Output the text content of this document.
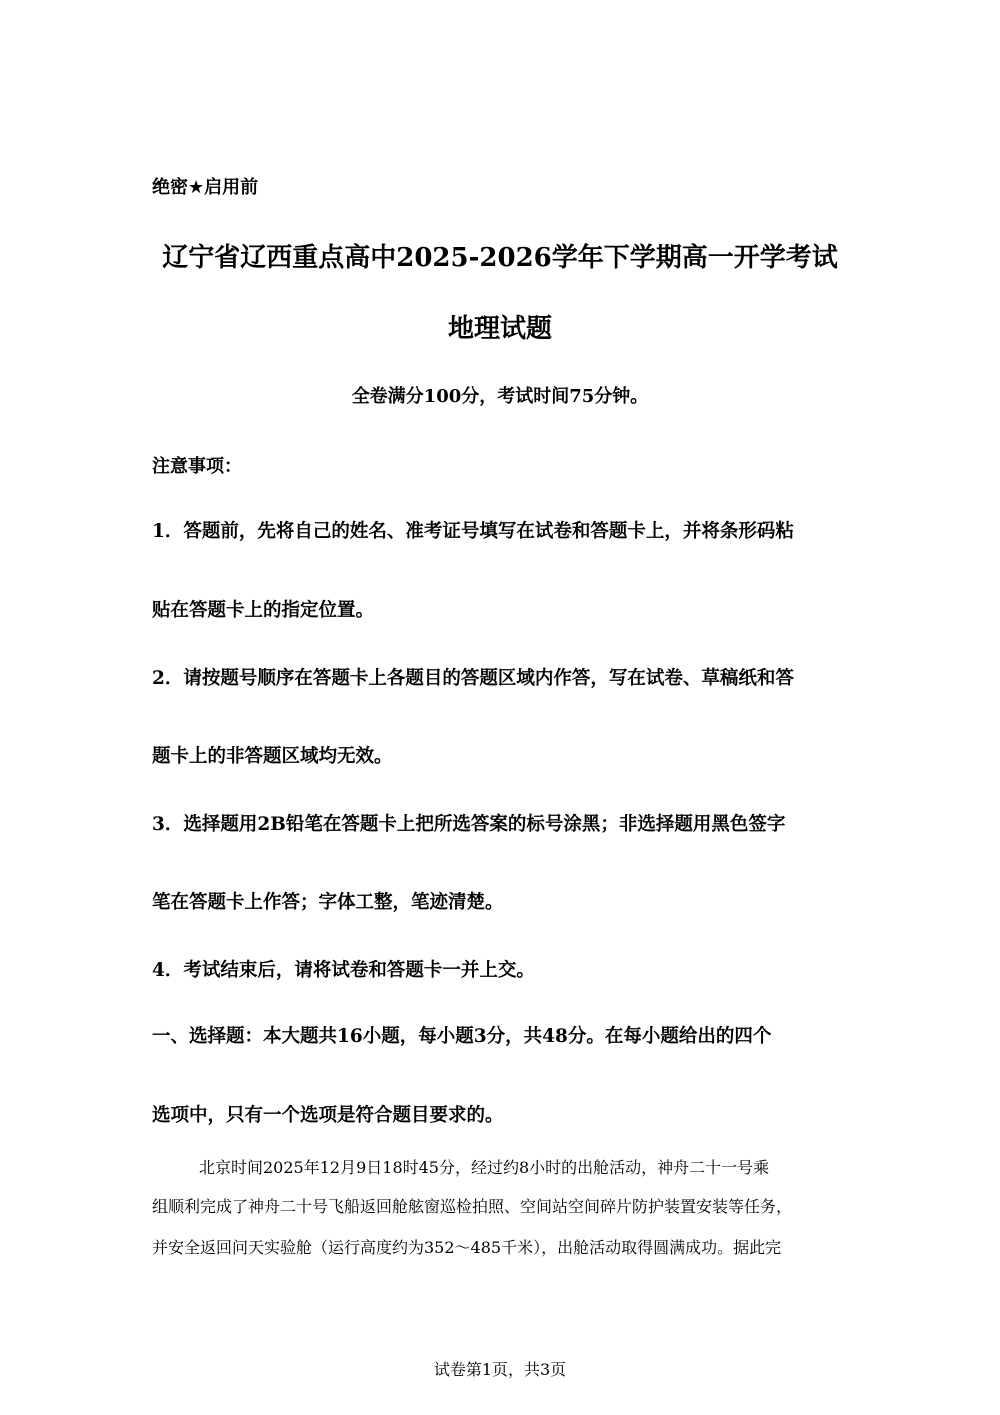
绝密★启用前
辽宁省辽西重点高中2025-2026学年下学期高一开学考试
地理试题
全卷满分100分，考试时间75分钟。
注意事项：
1．答题前，先将自己的姓名、准考证号填写在试卷和答题卡上，并将条形码粘
贴在答题卡上的指定位置。
2．请按题号顺序在答题卡上各题目的答题区域内作答，写在试卷、草稿纸和答
题卡上的非答题区域均无效。
3．选择题用2B铅笔在答题卡上把所选答案的标号涂黑；非选择题用黑色签字
笔在答题卡上作答；字体工整，笔迹清楚。
4．考试结束后，请将试卷和答题卡一并上交。
一、选择题：本大题共16小题，每小题3分，共48分。在每小题给出的四个
选项中，只有一个选项是符合题目要求的。
北京时间2025年12月9日18时45分，经过约8小时的出舱活动，神舟二十一号乘
组顺利完成了神舟二十号飞船返回舱舷窗巡检拍照、空间站空间碎片防护装置安装等任务，
并安全返回问天实验舱（运行高度约为352～485千米），出舱活动取得圆满成功。据此完
试卷第1页，共3页
